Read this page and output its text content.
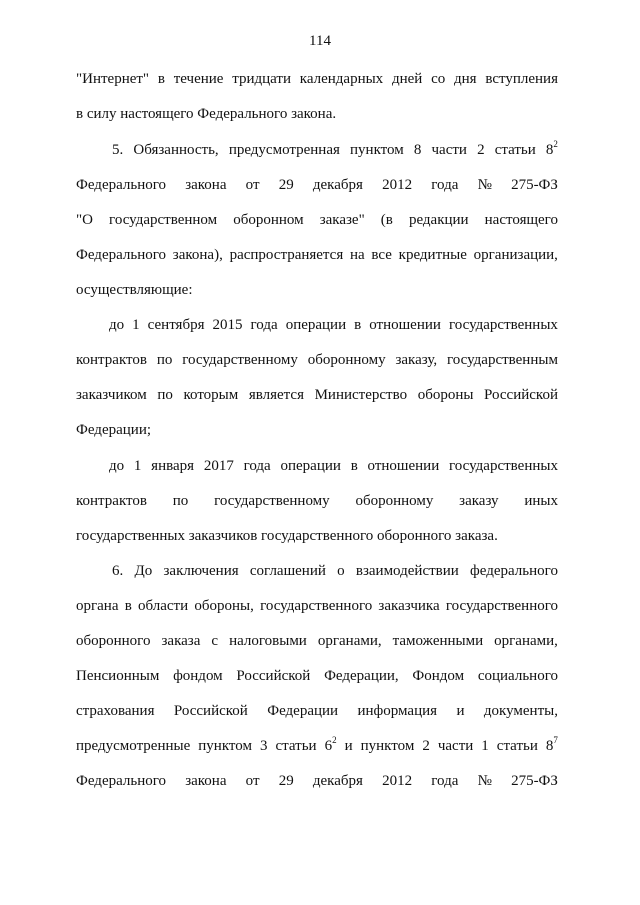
114
"Интернет" в течение тридцати календарных дней со дня вступления
в силу настоящего Федерального закона.
5. Обязанность, предусмотренная пунктом 8 части 2 статьи $8^2$
Федерального закона от 29 декабря 2012 года № 275-ФЗ
"О государственном оборонном заказе" (в редакции настоящего
Федерального закона), распространяется на все кредитные организации,
осуществляющие:
до 1 сентября 2015 года операции в отношении государственных
контрактов по государственному оборонному заказу, государственным
заказчиком по которым является Министерство обороны Российской
Федерации;
до 1 января 2017 года операции в отношении государственных
контрактов по государственному оборонному заказу иных
государственных заказчиков государственного оборонного заказа.
6. До заключения соглашений о взаимодействии федерального
органа в области обороны, государственного заказчика государственного
оборонного заказа с налоговыми органами, таможенными органами,
Пенсионным фондом Российской Федерации, Фондом социального
страхования Российской Федерации информация и документы,
предусмотренные пунктом 3 статьи $6^2$ и пунктом 2 части 1 статьи $8^7$
Федерального закона от 29 декабря 2012 года № 275-ФЗ
